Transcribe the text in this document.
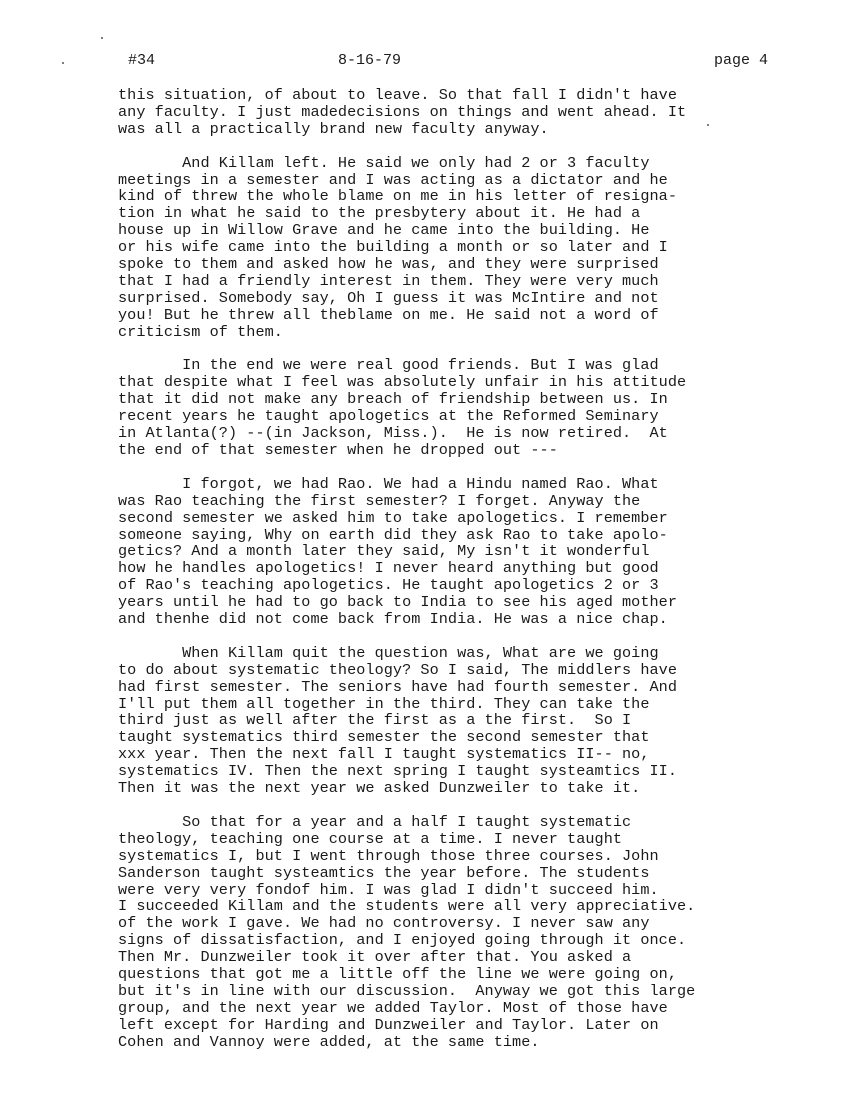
#34	8-16-79	page 4

this situation, of about to leave. So that fall I didn't have
any faculty. I just madedecisions on things and went ahead. It
was all a practically brand new faculty anyway.

And Killam left. He said we only had 2 or 3 faculty
meetings in a semester and I was acting as a dictator and he
kind of threw the whole blame on me in his letter of resigna-
tion in what he said to the presbytery about it. He had a
house up in Willow Grave and he came into the building. He
or his wife came into the building a month or so later and I
spoke to them and asked how he was, and they were surprised
that I had a friendly interest in them. They were very much
surprised. Somebody say, Oh I guess it was McIntire and not
you! But he threw all theblame on me. He said not a word of
criticism of them.

In the end we were real good friends. But I was glad
that despite what I feel was absolutely unfair in his attitude
that it did not make any breach of friendship between us. In
recent years he taught apologetics at the Reformed Seminary
in Atlanta(?) --(in Jackson, Miss.).  He is now retired.  At
the end of that semester when he dropped out ---

I forgot, we had Rao. We had a Hindu named Rao. What
was Rao teaching the first semester? I forget. Anyway the
second semester we asked him to take apologetics. I remember
someone saying, Why on earth did they ask Rao to take apolo-
getics? And a month later they said, My isn't it wonderful
how he handles apologetics! I never heard anything but good
of Rao's teaching apologetics. He taught apologetics 2 or 3
years until he had to go back to India to see his aged mother
and thenhe did not come back from India. He was a nice chap.

When Killam quit the question was, What are we going
to do about systematic theology? So I said, The middlers have
had first semester. The seniors have had fourth semester. And
I'll put them all together in the third. They can take the
third just as well after the first as a the first.  So I
taught systematics third semester the second semester that
xxx year. Then the next fall I taught systematics II-- no,
systematics IV. Then the next spring I taught systeamtics II.
Then it was the next year we asked Dunzweiler to take it.

So that for a year and a half I taught systematic
theology, teaching one course at a time. I never taught
systematics I, but I went through those three courses. John
Sanderson taught systeamtics the year before. The students
were very very fondof him. I was glad I didn't succeed him.
I succeeded Killam and the students were all very appreciative.
of the work I gave. We had no controversy. I never saw any
signs of dissatisfaction, and I enjoyed going through it once.
Then Mr. Dunzweiler took it over after that. You asked a
questions that got me a little off the line we were going on,
but it's in line with our discussion.  Anyway we got this large
group, and the next year we added Taylor. Most of those have
left except for Harding and Dunzweiler and Taylor. Later on
Cohen and Vannoy were added, at the same time.
